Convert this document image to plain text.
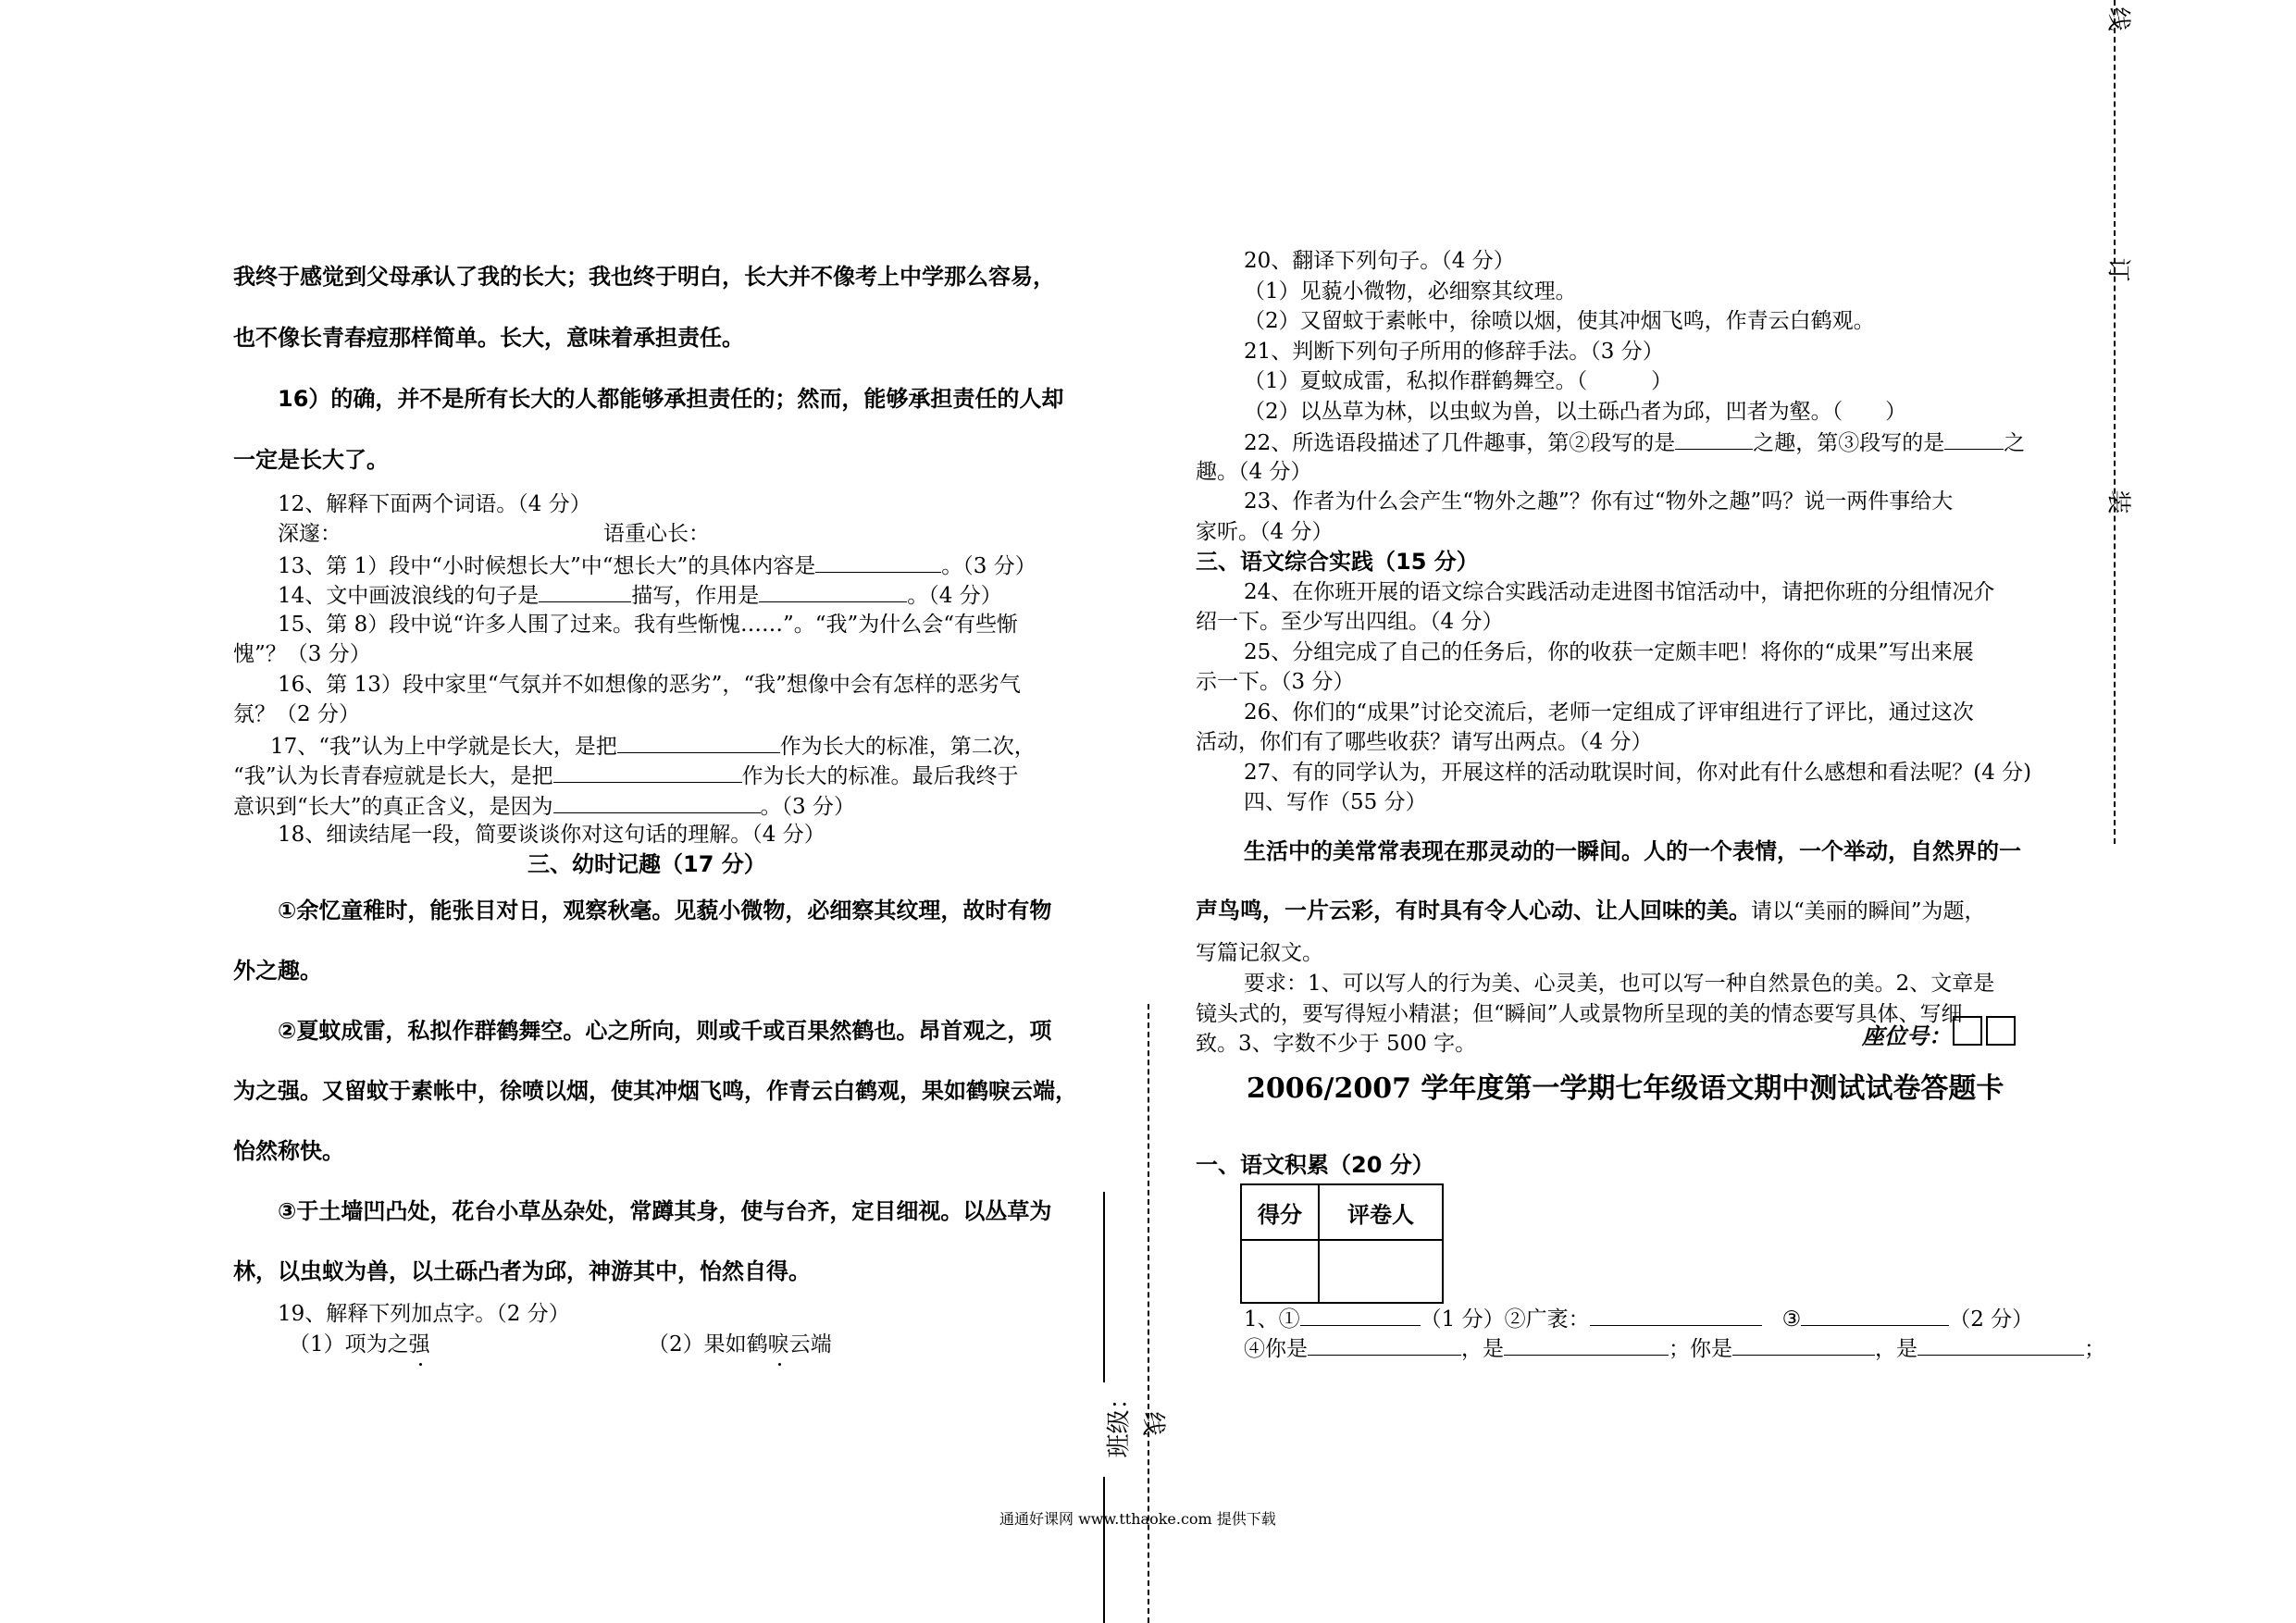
我终于感觉到父母承认了我的长大；我也终于明白，长大并不像考上中学那么容易，
也不像长青春痘那样简单。长大，意味着承担责任。
16）的确，并不是所有长大的人都能够承担责任的；然而，能够承担责任的人却
一定是长大了。
12、解释下面两个词语。（4 分）
深邃：	语重心长：
13、第 1）段中“小时候想长大”中“想长大”的具体内容是	。（3 分）
14、文中画波浪线的句子是	描写，作用是	。（4 分）
15、第 8）段中说“许多人围了过来。我有些惭愧……”。“我”为什么会“有些惭
愧”？（3 分）
16、第 13）段中家里“气氛并不如想像的恶劣”，“我”想像中会有怎样的恶劣气
氛？（2 分）
17、“我”认为上中学就是长大，是把	作为长大的标准，第二次，
“我”认为长青春痘就是长大，是把	作为长大的标准。最后我终于
意识到“长大”的真正含义，是因为	。（3 分）
18、细读结尾一段，简要谈谈你对这句话的理解。（4 分）
三、幼时记趣（17 分）
①余忆童稚时，能张目对日，观察秋毫。见藐小微物，必细察其纹理，故时有物
外之趣。
②夏蚊成雷，私拟作群鹤舞空。心之所向，则或千或百果然鹤也。昂首观之，项
为之强。又留蚊于素帐中，徐喷以烟，使其冲烟飞鸣，作青云白鹤观，果如鹤唳云端，
怡然称快。
③于土墙凹凸处，花台小草丛杂处，常蹲其身，使与台齐，定目细视。以丛草为
林，以虫蚁为兽，以土砾凸者为邱，神游其中，怡然自得。
19、解释下列加点字。（2 分）
（1）项为之强	（2）果如鹤唳云端
班级： 线
20、翻译下列句子。（4 分）
（1）见藐小微物，必细察其纹理。
（2）又留蚊于素帐中，徐喷以烟，使其冲烟飞鸣，作青云白鹤观。
21、判断下列句子所用的修辞手法。（3 分）
（1）夏蚊成雷，私拟作群鹤舞空。（　　　）
（2）以丛草为林，以虫蚁为兽，以土砾凸者为邱，凹者为壑。（　　）
22、所选语段描述了几件趣事，第②段写的是	之趣，第③段写的是	之
趣。（4 分）
23、作者为什么会产生“物外之趣”？你有过“物外之趣”吗？说一两件事给大
家听。（4 分）
三、语文综合实践（15 分）
24、在你班开展的语文综合实践活动走进图书馆活动中，请把你班的分组情况介
绍一下。至少写出四组。（4 分）
25、分组完成了自己的任务后，你的收获一定颇丰吧！将你的“成果”写出来展
示一下。（3 分）
26、你们的“成果”讨论交流后，老师一定组成了评审组进行了评比，通过这次
活动，你们有了哪些收获？请写出两点。（4 分）
27、有的同学认为，开展这样的活动耽误时间，你对此有什么感想和看法呢？(4 分)
四、写作（55 分）
生活中的美常常表现在那灵动的一瞬间。人的一个表情，一个举动，自然界的一
声鸟鸣，一片云彩，有时具有令人心动、让人回味的美。请以“美丽的瞬间”为题，
写篇记叙文。
要求：1、可以写人的行为美、心灵美，也可以写一种自然景色的美。2、文章是
镜头式的，要写得短小精湛；但“瞬间”人或景物所呈现的美的情态要写具体、写细
致。3、字数不少于 500 字。	座位号：
2006/2007 学年度第一学期七年级语文期中测试试卷答题卡
一、语文积累（20 分）
得分	评卷人

1、①	（1 分）②广袤：	③	（2 分）
④你是	，是	；你是	，是	；
线
订
装
通通好课网 www.tthaoke.com 提供下载
